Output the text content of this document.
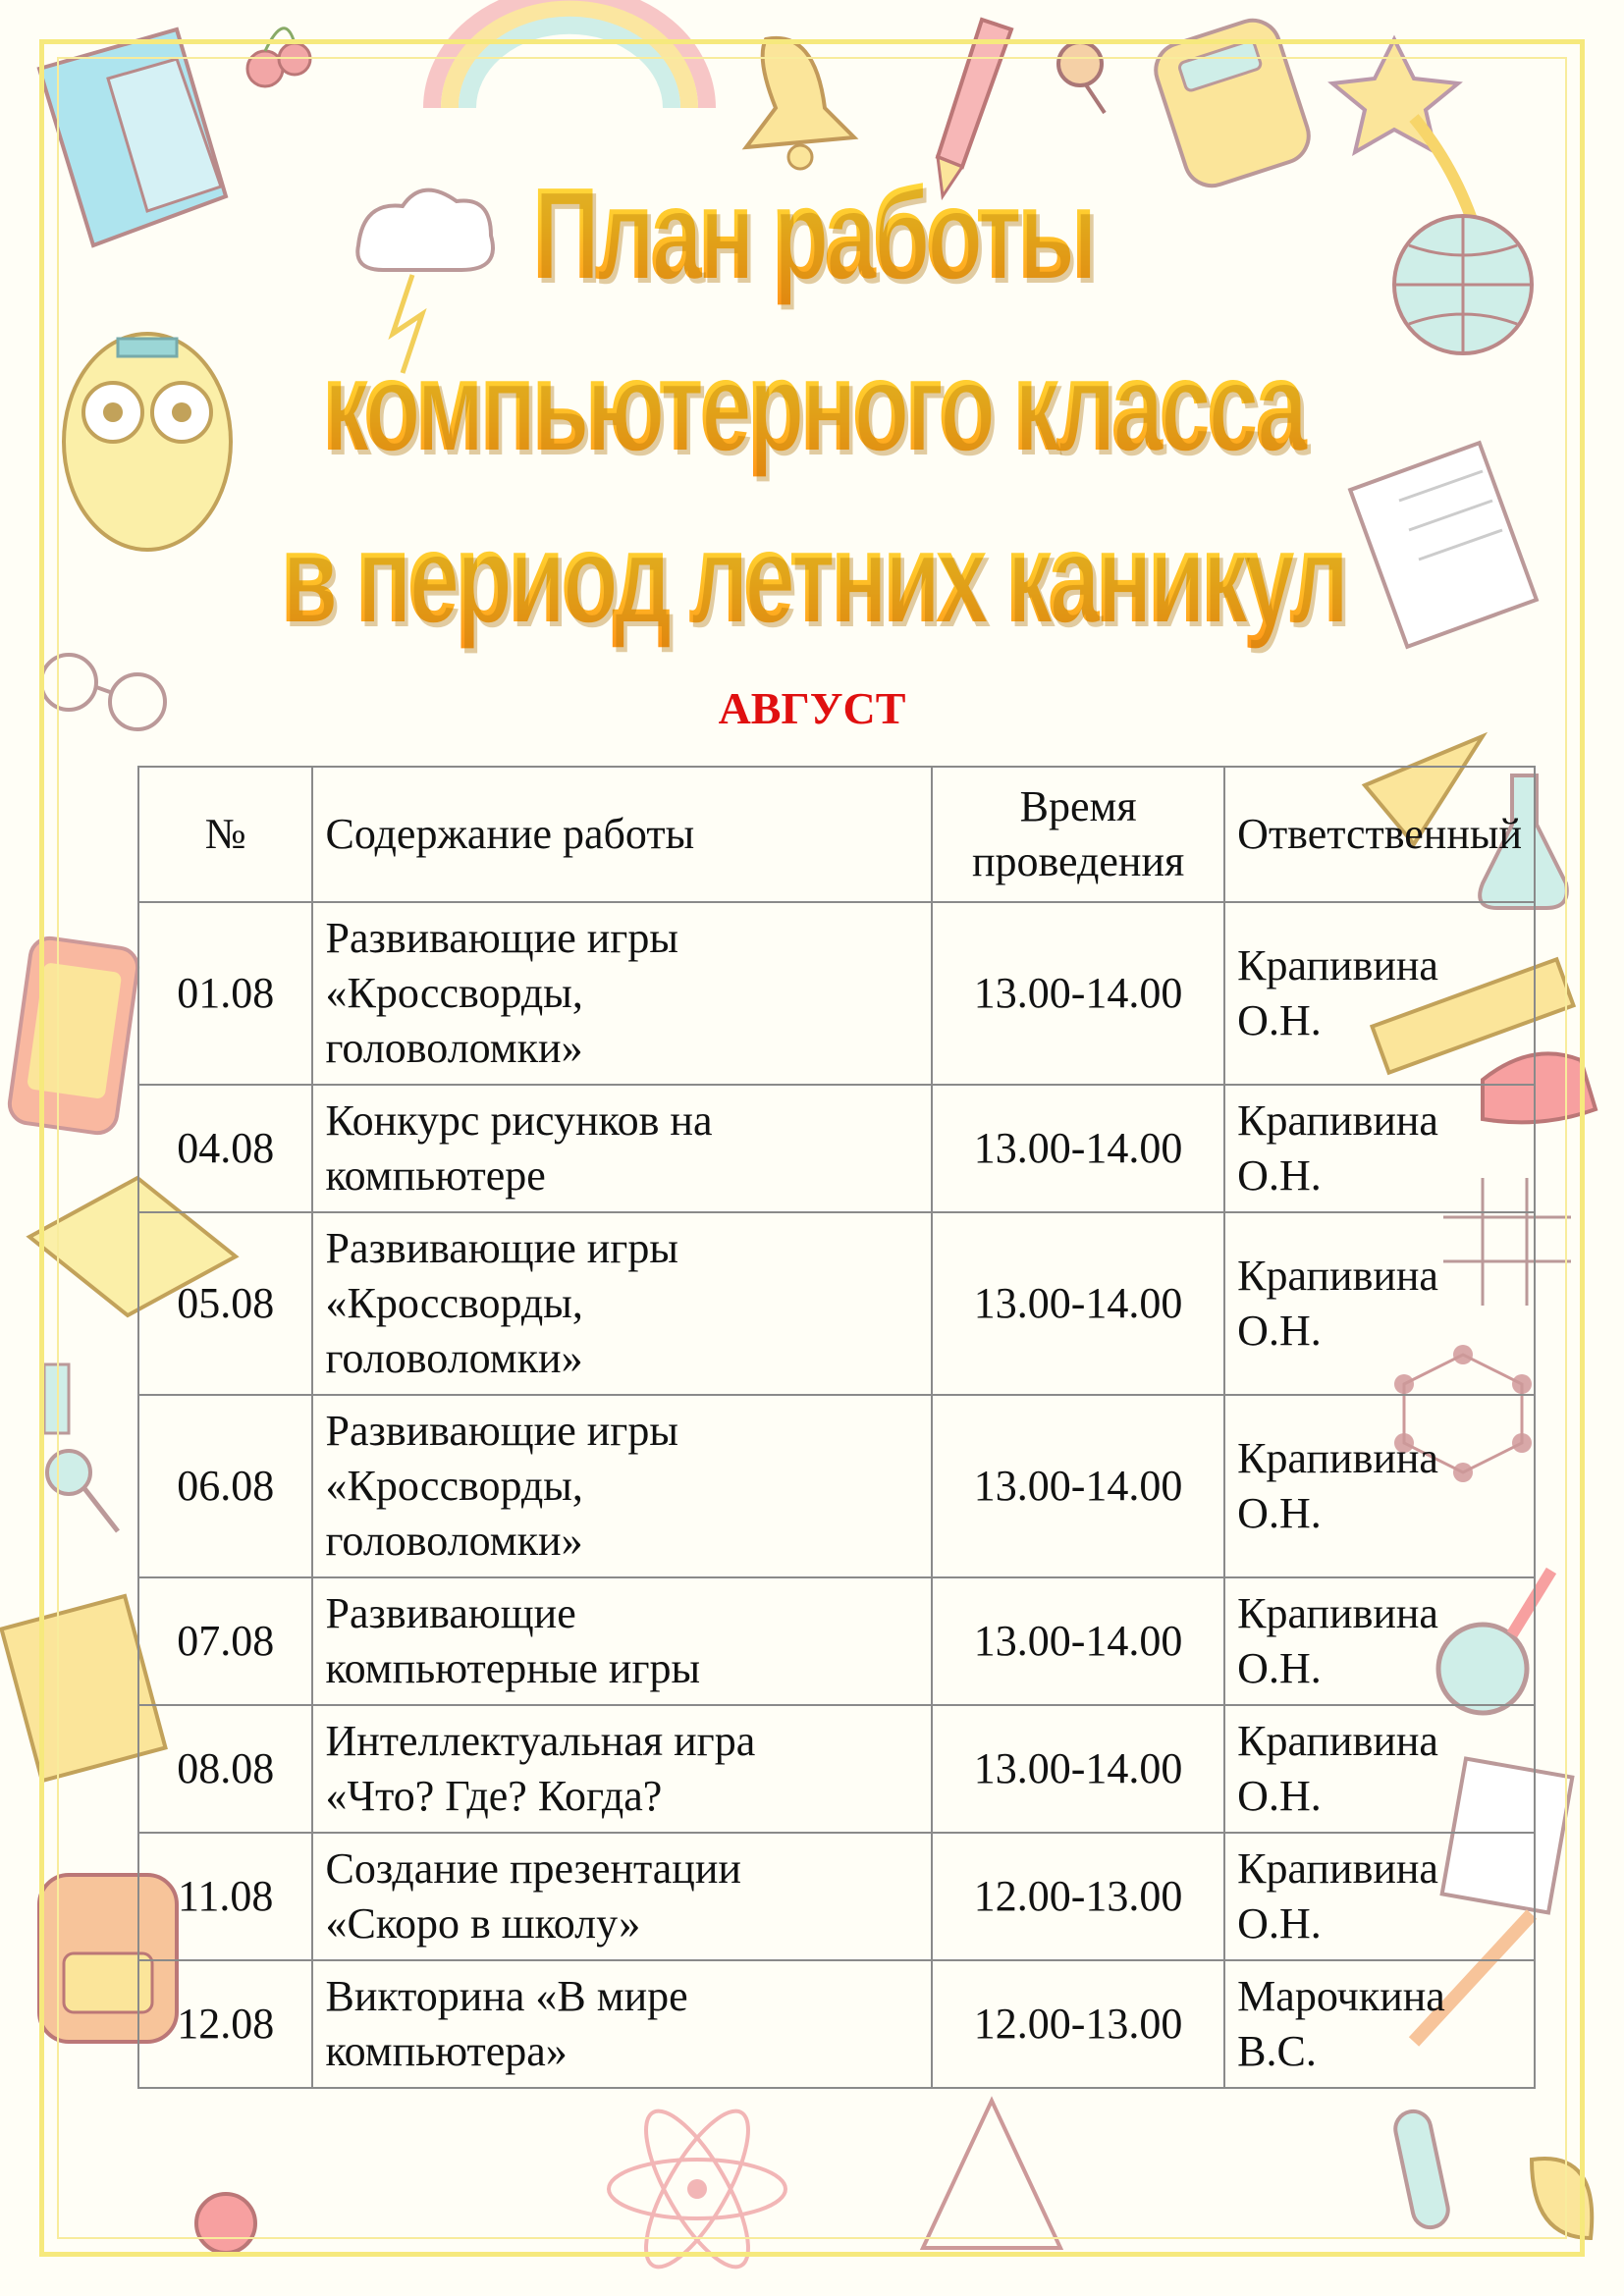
План работы
компьютерного класса
в период летних каникул
АВГУСТ
№	Содержание работы	Время
проведения	Ответственный
01.08	Развивающие игры
«Кроссворды,
головоломки»	13.00-14.00	Крапивина
О.Н.
04.08	Конкурс рисунков на
компьютере	13.00-14.00	Крапивина
О.Н.
05.08	Развивающие игры
«Кроссворды,
головоломки»	13.00-14.00	Крапивина
О.Н.
06.08	Развивающие игры
«Кроссворды,
головоломки»	13.00-14.00	Крапивина
О.Н.
07.08	Развивающие
компьютерные игры	13.00-14.00	Крапивина
О.Н.
08.08	Интеллектуальная игра
«Что? Где? Когда?	13.00-14.00	Крапивина
О.Н.
11.08	Создание презентации
«Скоро в школу»	12.00-13.00	Крапивина
О.Н.
12.08	Викторина «В мире
компьютера»	12.00-13.00	Марочкина
В.С.
